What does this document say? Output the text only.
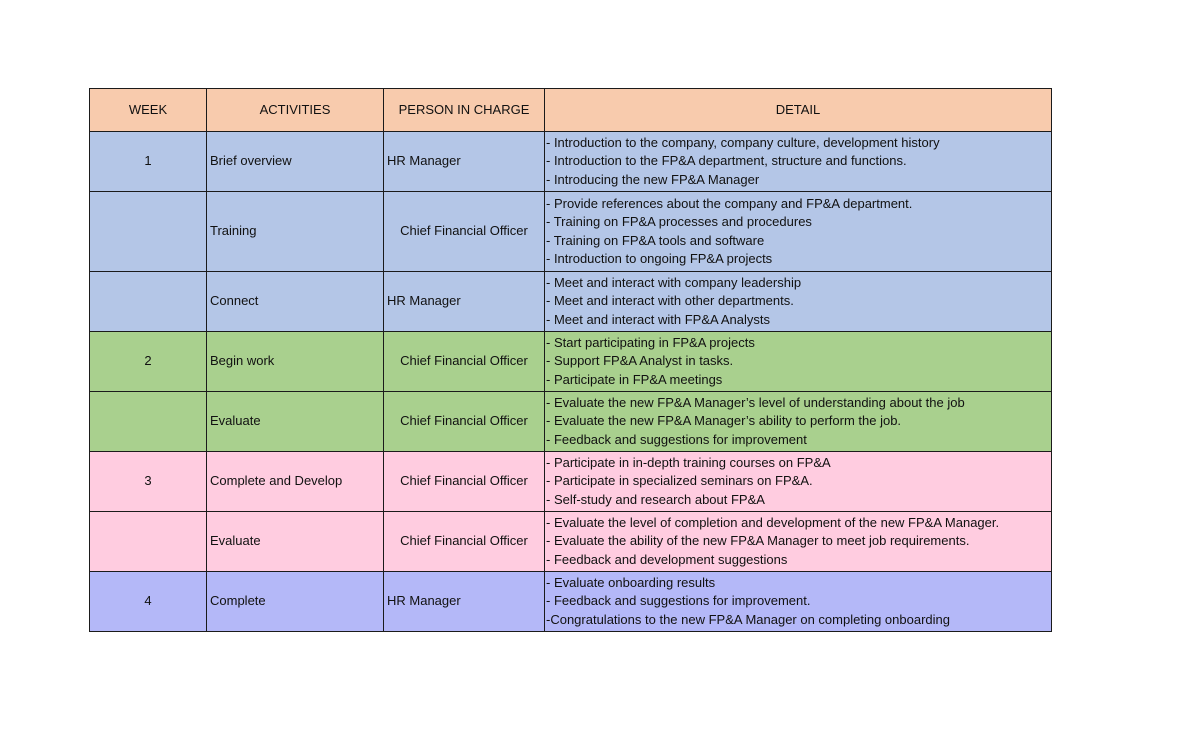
WEEK	ACTIVITIES	PERSON IN CHARGE	DETAIL
1	Brief overview	HR Manager	- Introduction to the company, company culture, development history
- Introduction to the FP&A department, structure and functions.
- Introducing the new FP&A Manager

	Training	Chief Financial Officer	- Provide references about the company and FP&A department.
- Training on FP&A processes and procedures
- Training on FP&A tools and software
- Introduction to ongoing FP&A projects

	Connect	HR Manager	- Meet and interact with company leadership
- Meet and interact with other departments.
- Meet and interact with FP&A Analysts

2	Begin work	Chief Financial Officer	- Start participating in FP&A projects
- Support FP&A Analyst in tasks.
- Participate in FP&A meetings

	Evaluate	Chief Financial Officer	- Evaluate the new FP&A Manager’s level of understanding about the job
- Evaluate the new FP&A Manager’s ability to perform the job.
- Feedback and suggestions for improvement

3	Complete and Develop	Chief Financial Officer	- Participate in in-depth training courses on FP&A
- Participate in specialized seminars on FP&A.
- Self-study and research about FP&A

	Evaluate	Chief Financial Officer	- Evaluate the level of completion and development of the new FP&A Manager.
- Evaluate the ability of the new FP&A Manager to meet job requirements.
- Feedback and development suggestions

4	Complete	HR Manager	- Evaluate onboarding results
- Feedback and suggestions for improvement.
-Congratulations to the new FP&A Manager on completing onboarding
